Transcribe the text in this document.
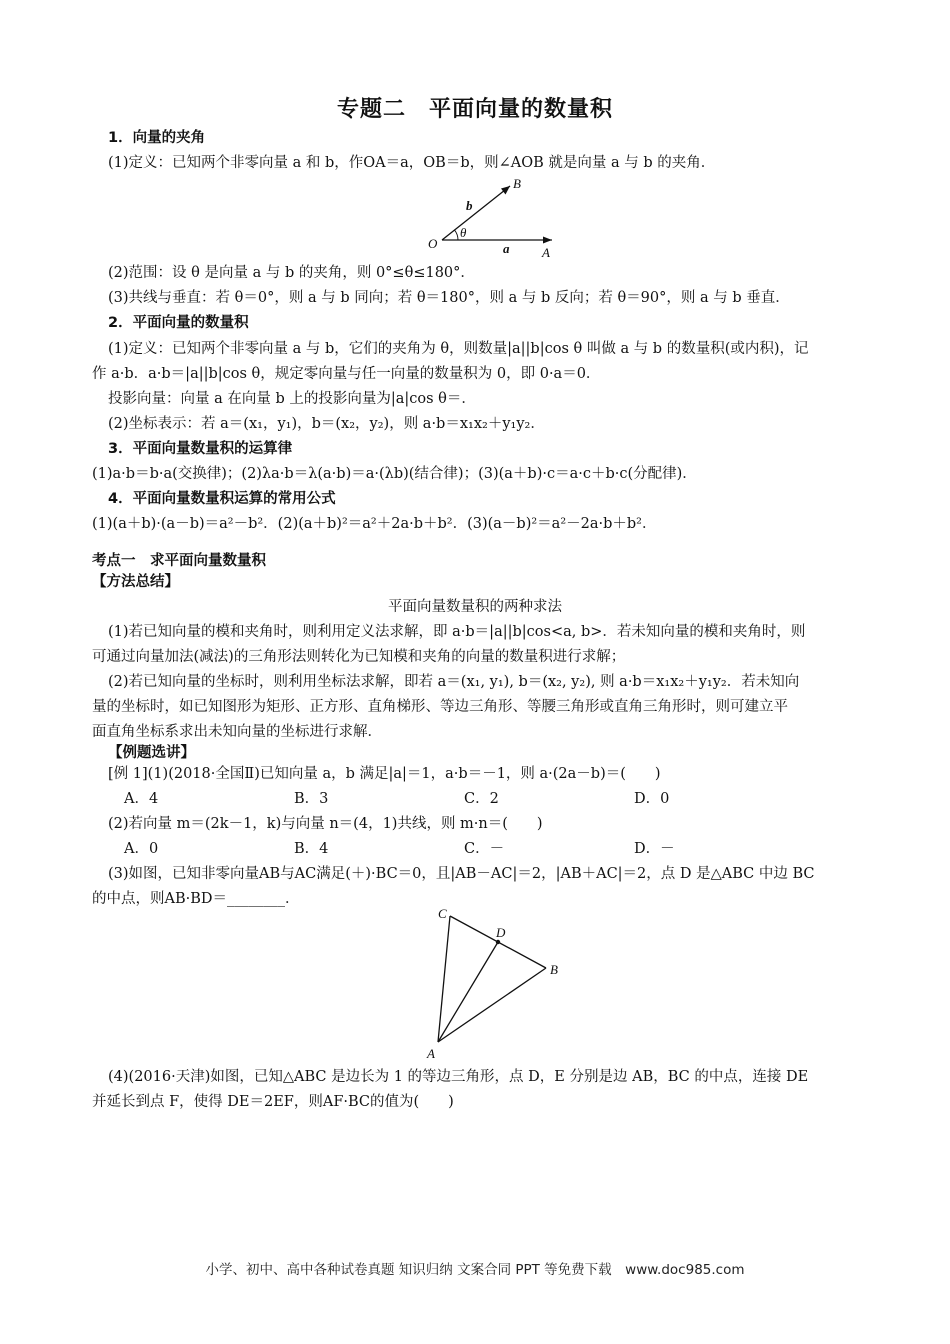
专题二　平面向量的数量积
1．向量的夹角
(1)定义：已知两个非零向量 a 和 b，作OA＝a，OB＝b，则∠AOB 就是向量 a 与 b 的夹角．
O
A
B
a
b
θ
(2)范围：设 θ 是向量 a 与 b 的夹角，则 0°≤θ≤180°．
(3)共线与垂直：若 θ＝0°，则 a 与 b 同向；若 θ＝180°，则 a 与 b 反向；若 θ＝90°，则 a 与 b 垂直．
2．平面向量的数量积
(1)定义：已知两个非零向量 a 与 b，它们的夹角为 θ，则数量|a||b|cos θ 叫做 a 与 b 的数量积(或内积)，记
作 a·b．a·b＝|a||b|cos θ，规定零向量与任一向量的数量积为 0，即 0·a＝0．
投影向量：向量 a 在向量 b 上的投影向量为|a|cos θ＝．
(2)坐标表示：若 a＝(x₁，y₁)，b＝(x₂，y₂)，则 a·b＝x₁x₂＋y₁y₂．
3．平面向量数量积的运算律
(1)a·b＝b·a(交换律)；(2)λa·b＝λ(a·b)＝a·(λb)(结合律)；(3)(a＋b)·c＝a·c＋b·c(分配律)．
4．平面向量数量积运算的常用公式
(1)(a＋b)·(a－b)＝a²－b²．(2)(a＋b)²＝a²＋2a·b＋b²．(3)(a－b)²＝a²－2a·b＋b²．
考点一　求平面向量数量积
【方法总结】
平面向量数量积的两种求法
(1)若已知向量的模和夹角时，则利用定义法求解，即 a·b＝|a||b|cos<a, b>．若未知向量的模和夹角时，则
可通过向量加法(减法)的三角形法则转化为已知模和夹角的向量的数量积进行求解；
(2)若已知向量的坐标时，则利用坐标法求解，即若 a＝(x₁, y₁), b＝(x₂, y₂), 则 a·b＝x₁x₂＋y₁y₂．若未知向
量的坐标时，如已知图形为矩形、正方形、直角梯形、等边三角形、等腰三角形或直角三角形时，则可建立平
面直角坐标系求出未知向量的坐标进行求解．
【例题选讲】
[例 1](1)(2018·全国Ⅱ)已知向量 a，b 满足|a|＝1，a·b＝－1，则 a·(2a－b)＝(　　)
A．4	B．3	C．2	D．0
(2)若向量 m＝(2k－1，k)与向量 n＝(4，1)共线，则 m·n＝(　　)
A．0	B．4	C．－	D．－
(3)如图，已知非零向量AB与AC满足(＋)·BC＝0，且|AB－AC|＝2，|AB＋AC|＝2，点 D 是△ABC 中边 BC
的中点，则AB·BD＝________．
C
B
A
D
(4)(2016·天津)如图，已知△ABC 是边长为 1 的等边三角形，点 D，E 分别是边 AB，BC 的中点，连接 DE
并延长到点 F，使得 DE＝2EF，则AF·BC的值为(　　)
小学、初中、高中各种试卷真题 知识归纳 文案合同 PPT 等免费下载　www.doc985.com
